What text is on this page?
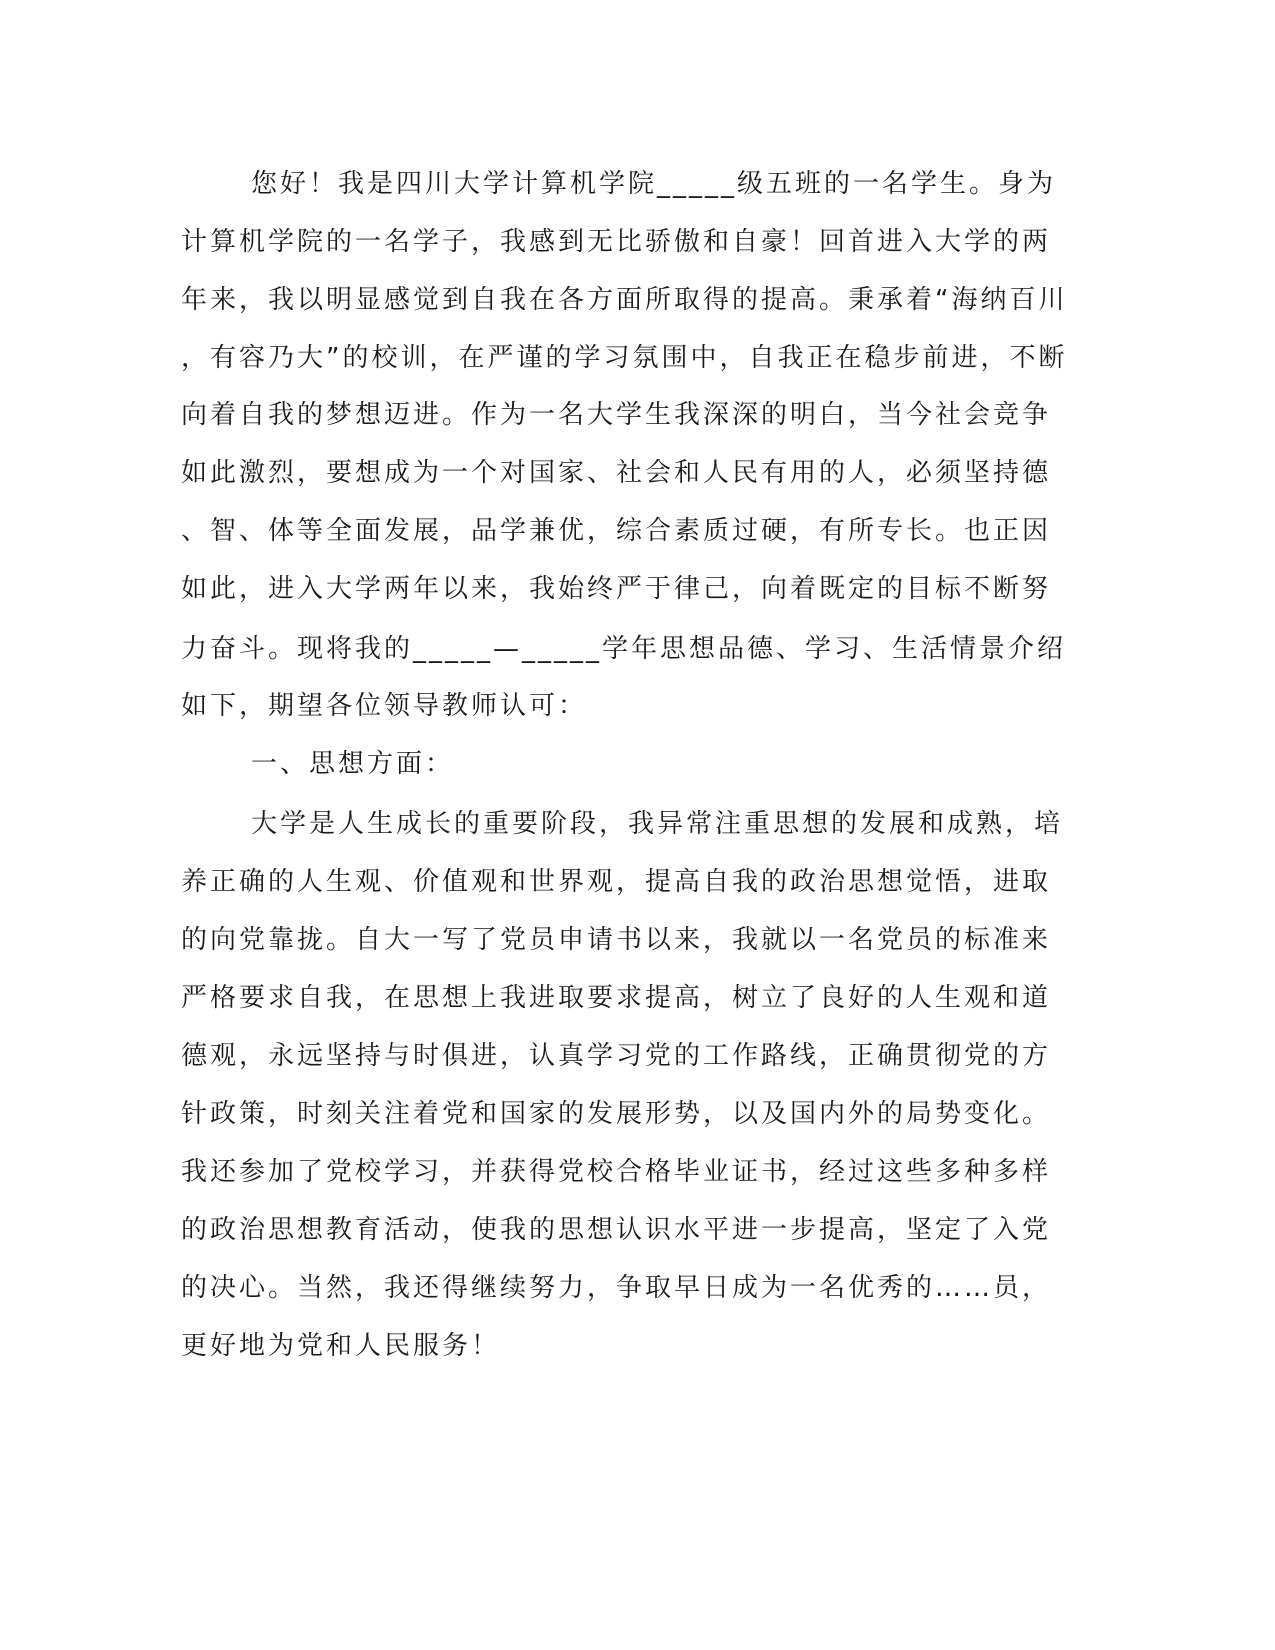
您好！我是四川大学计算机学院_____级五班的一名学生。身为
计算机学院的一名学子，我感到无比骄傲和自豪！回首进入大学的两
年来，我以明显感觉到自我在各方面所取得的提高。秉承着“海纳百川
，有容乃大”的校训，在严谨的学习氛围中，自我正在稳步前进，不断
向着自我的梦想迈进。作为一名大学生我深深的明白，当今社会竞争
如此激烈，要想成为一个对国家、社会和人民有用的人，必须坚持德
、智、体等全面发展，品学兼优，综合素质过硬，有所专长。也正因
如此，进入大学两年以来，我始终严于律己，向着既定的目标不断努
力奋斗。现将我的_____—_____学年思想品德、学习、生活情景介绍
如下，期望各位领导教师认可：
一、思想方面：
大学是人生成长的重要阶段，我异常注重思想的发展和成熟，培
养正确的人生观、价值观和世界观，提高自我的政治思想觉悟，进取
的向党靠拢。自大一写了党员申请书以来，我就以一名党员的标准来
严格要求自我，在思想上我进取要求提高，树立了良好的人生观和道
德观，永远坚持与时俱进，认真学习党的工作路线，正确贯彻党的方
针政策，时刻关注着党和国家的发展形势，以及国内外的局势变化。
我还参加了党校学习，并获得党校合格毕业证书，经过这些多种多样
的政治思想教育活动，使我的思想认识水平进一步提高，坚定了入党
的决心。当然，我还得继续努力，争取早日成为一名优秀的……员，
更好地为党和人民服务！
